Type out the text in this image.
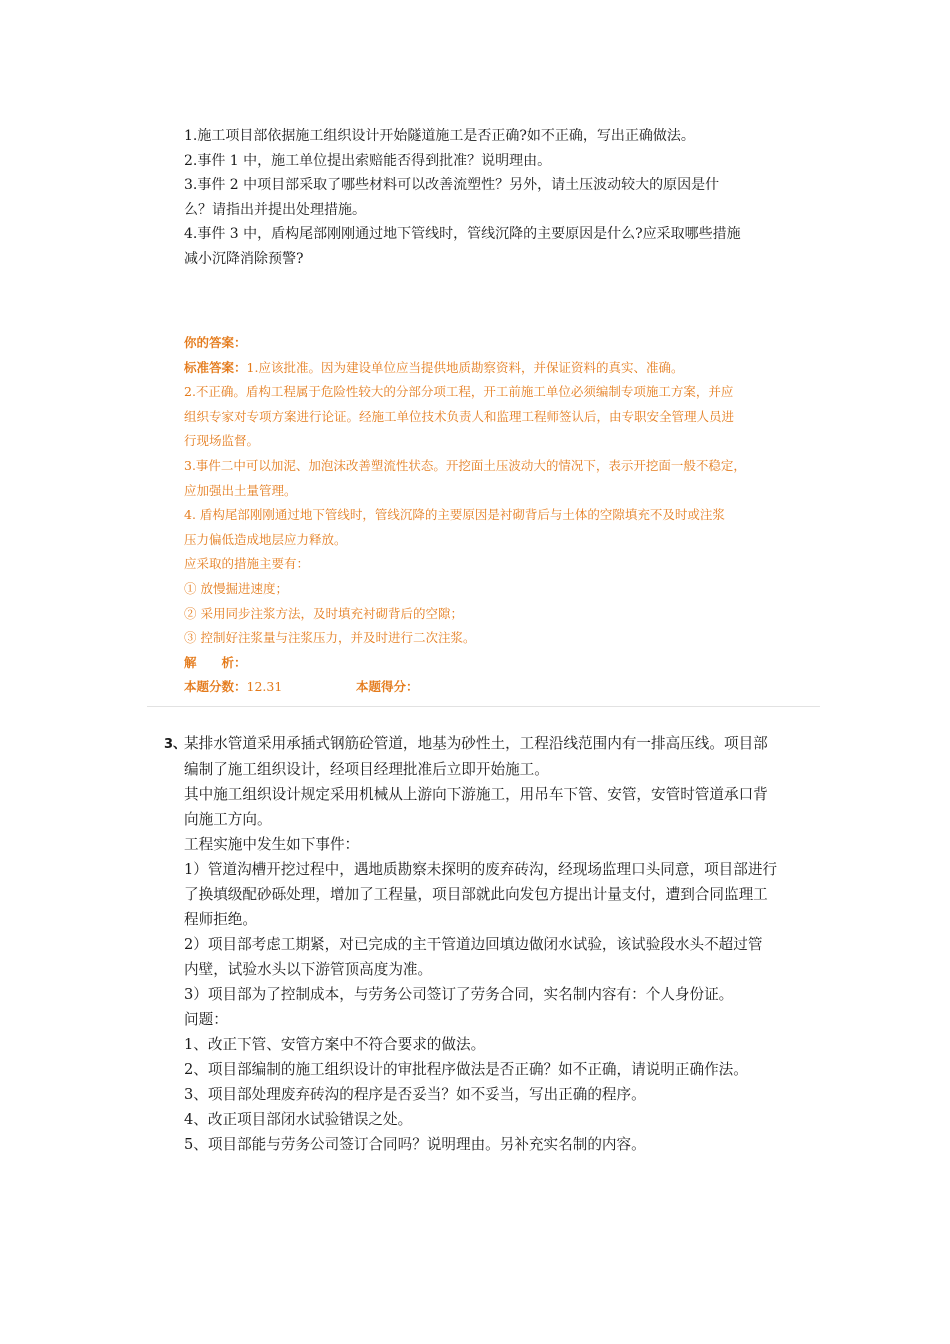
1.施工项目部依据施工组织设计开始隧道施工是否正确?如不正确，写出正确做法。
2.事件 1 中，施工单位提出索赔能否得到批准？说明理由。
3.事件 2 中项目部采取了哪些材料可以改善流塑性？另外，请土压波动较大的原因是什
么？请指出并提出处理措施。
4.事件 3 中，盾构尾部刚刚通过地下管线时，管线沉降的主要原因是什么?应采取哪些措施
减小沉降消除预警?
你的答案：
标准答案：1.应该批准。因为建设单位应当提供地质勘察资料，并保证资料的真实、准确。
2.不正确。盾构工程属于危险性较大的分部分项工程，开工前施工单位必须编制专项施工方案，并应
组织专家对专项方案进行论证。经施工单位技术负责人和监理工程师签认后，由专职安全管理人员进
行现场监督。
3.事件二中可以加泥、加泡沫改善塑流性状态。开挖面土压波动大的情况下，表示开挖面一般不稳定，
应加强出土量管理。
4. 盾构尾部刚刚通过地下管线时，管线沉降的主要原因是衬砌背后与土体的空隙填充不及时或注浆
压力偏低造成地层应力释放。
应采取的措施主要有：
① 放慢掘进速度；
② 采用同步注浆方法，及时填充衬砌背后的空隙；
③ 控制好注浆量与注浆压力，并及时进行二次注浆。
解　　析：
本题分数：12.31	本题得分：
3、某排水管道采用承插式钢筋砼管道，地基为砂性土，工程沿线范围内有一排高压线。项目部
编制了施工组织设计，经项目经理批准后立即开始施工。
其中施工组织设计规定采用机械从上游向下游施工，用吊车下管、安管，安管时管道承口背
向施工方向。
工程实施中发生如下事件：
1）管道沟槽开挖过程中，遇地质勘察未探明的废弃砖沟，经现场监理口头同意，项目部进行
了换填级配砂砾处理，增加了工程量，项目部就此向发包方提出计量支付，遭到合同监理工
程师拒绝。
2）项目部考虑工期紧，对已完成的主干管道边回填边做闭水试验，该试验段水头不超过管
内壁，试验水头以下游管顶高度为准。
3）项目部为了控制成本，与劳务公司签订了劳务合同，实名制内容有：个人身份证。
问题：
1、改正下管、安管方案中不符合要求的做法。
2、项目部编制的施工组织设计的审批程序做法是否正确？如不正确，请说明正确作法。
3、项目部处理废弃砖沟的程序是否妥当？如不妥当，写出正确的程序。
4、改正项目部闭水试验错误之处。
5、项目部能与劳务公司签订合同吗？说明理由。另补充实名制的内容。
